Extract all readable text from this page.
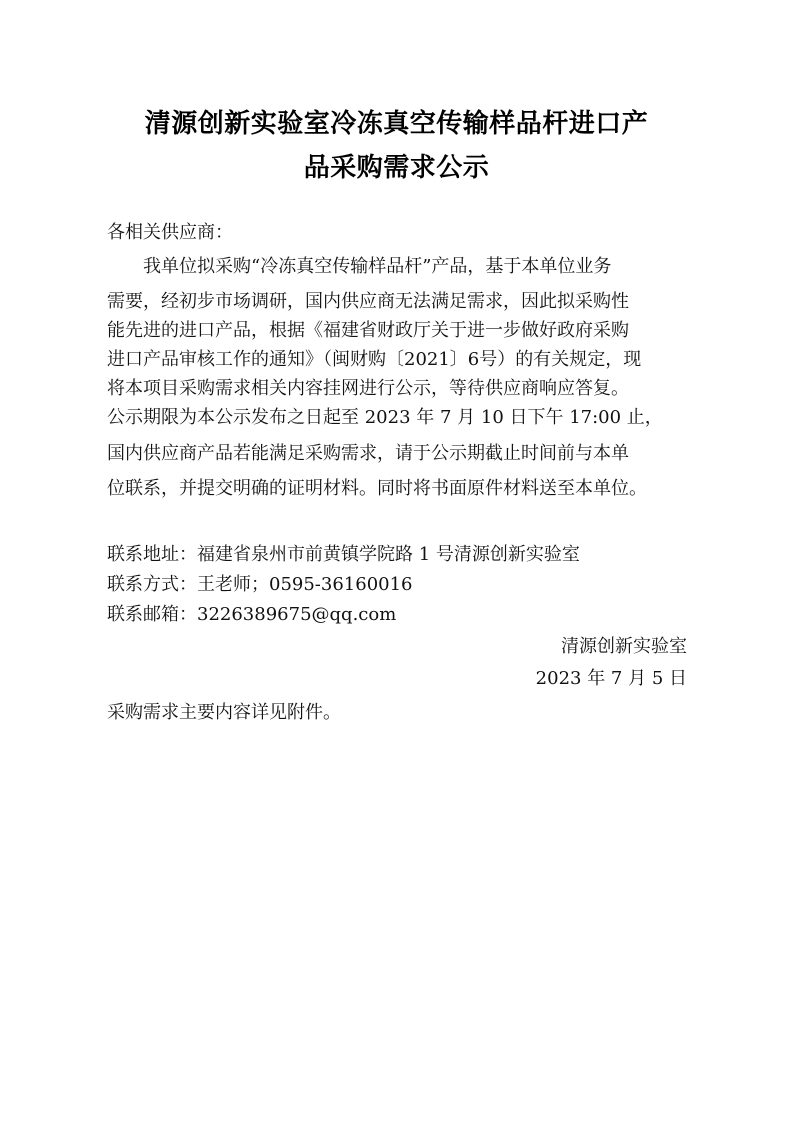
清源创新实验室冷冻真空传输样品杆进口产
品采购需求公示
各相关供应商：
我单位拟采购“冷冻真空传输样品杆”产品，基于本单位业务
需要，经初步市场调研，国内供应商无法满足需求，因此拟采购性
能先进的进口产品，根据《福建省财政厅关于进一步做好政府采购
进口产品审核工作的通知》（闽财购〔2021〕6号）的有关规定，现
将本项目采购需求相关内容挂网进行公示，等待供应商响应答复。
公示期限为本公示发布之日起至 2023 年 7 月 10 日下午 17:00 止，
国内供应商产品若能满足采购需求，请于公示期截止时间前与本单
位联系，并提交明确的证明材料。同时将书面原件材料送至本单位。
联系地址：福建省泉州市前黄镇学院路 1 号清源创新实验室
联系方式：王老师；0595-36160016
联系邮箱：3226389675@qq.com
清源创新实验室
2023 年 7 月 5 日
采购需求主要内容详见附件。
